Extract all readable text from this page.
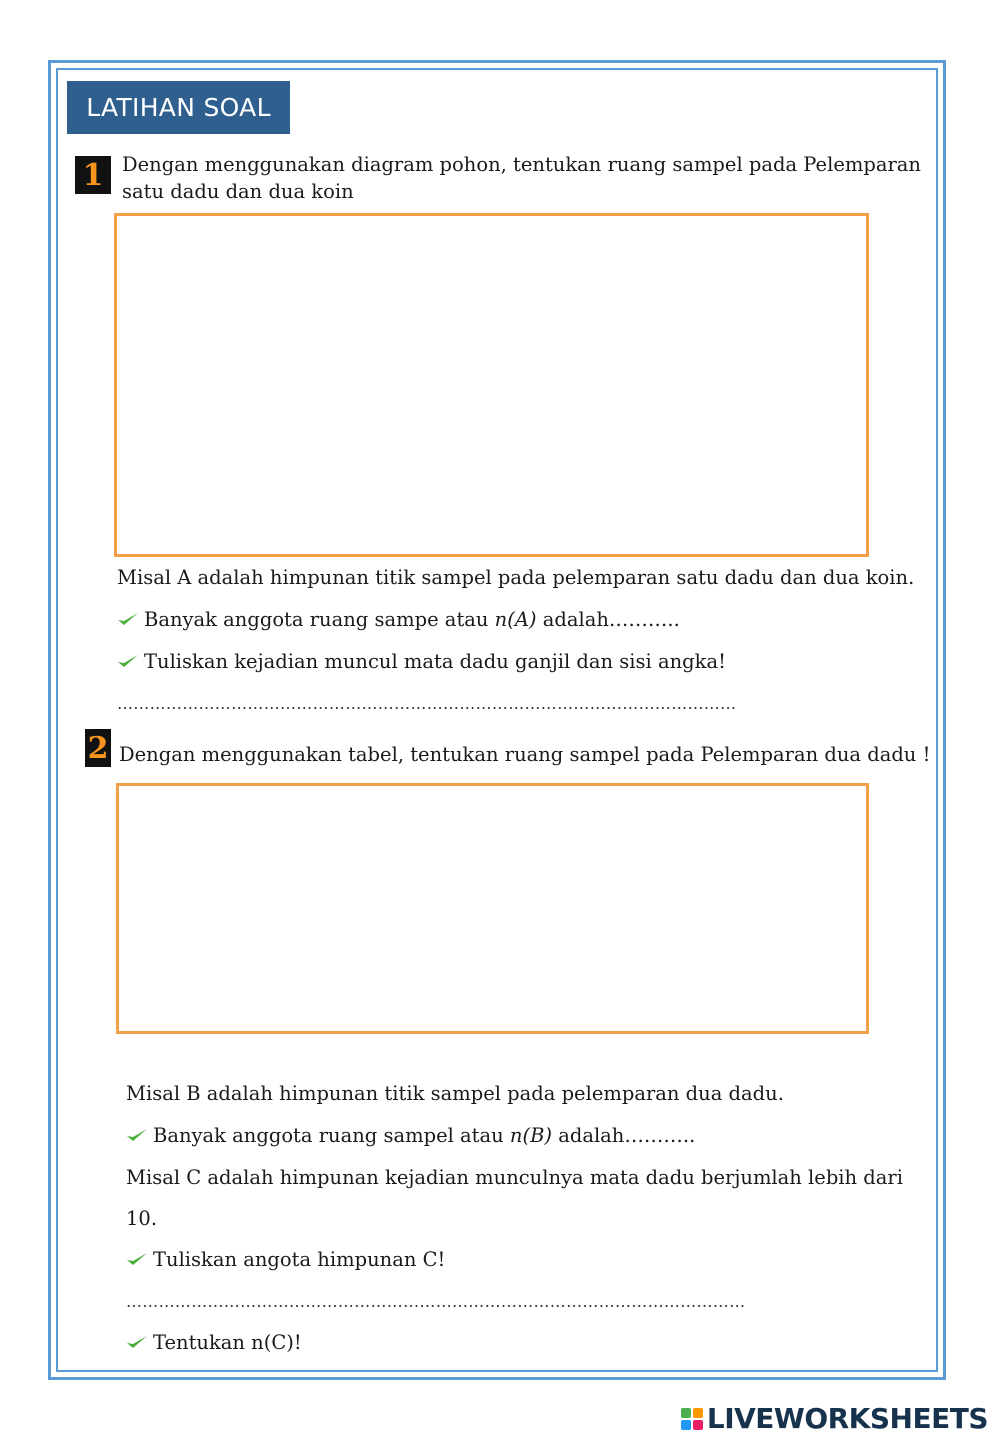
LATIHAN SOAL
1 Dengan menggunakan diagram pohon, tentukan ruang sampel pada Pelemparan
satu dadu dan dua koin
Misal A adalah himpunan titik sampel pada pelemparan satu dadu dan dua koin.
Banyak anggota ruang sampe atau n(A) adalah………..
Tuliskan kejadian muncul mata dadu ganjil dan sisi angka!
……………………………………………………………………………………………………
2 Dengan menggunakan tabel, tentukan ruang sampel pada Pelemparan dua dadu !
Misal B adalah himpunan titik sampel pada pelemparan dua dadu.
Banyak anggota ruang sampel atau n(B) adalah………..
Misal C adalah himpunan kejadian munculnya mata dadu berjumlah lebih dari
10.
Tuliskan angota himpunan C!
……………………………………………………………………………………………………
Tentukan n(C)!
LIVEWORKSHEETS
